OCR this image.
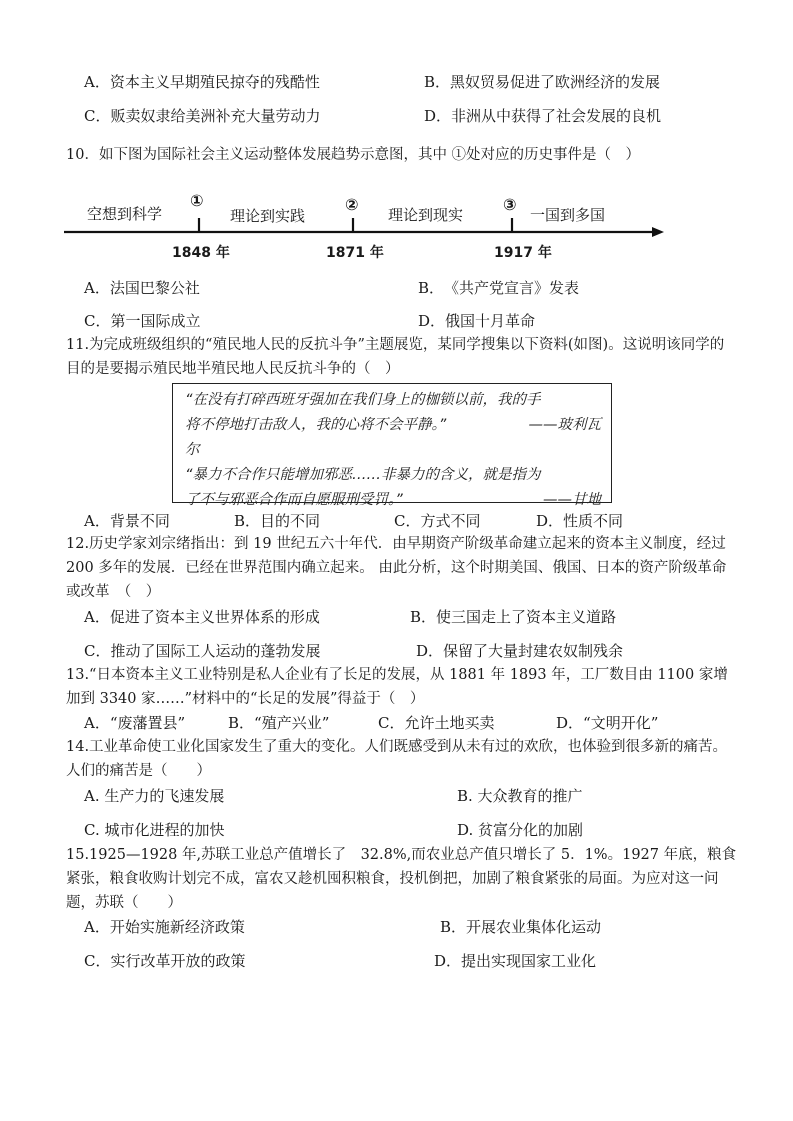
A．资本主义早期殖民掠夺的残酷性	B．黑奴贸易促进了欧洲经济的发展
C．贩卖奴隶给美洲补充大量劳动力	D．非洲从中获得了社会发展的良机
10．如下图为国际社会主义运动整体发展趋势示意图，其中 ①处对应的历史事件是（　）
空想到科学	理论到实践	理论到现实	一国到多国
①	②	③
1848 年	1871 年	1917 年
A．法国巴黎公社	B．　《共产党宣言》发表
C．第一国际成立	D．俄国十月革命
11.为完成班级组织的“殖民地人民的反抗斗争”主题展览，某同学搜集以下资料(如图)。这说明该同学的目的是要揭示殖民地半殖民地人民反抗斗争的（　）

“在没有打碎西班牙强加在我们身上的枷锁以前，我的手

将不停地打击敌人，我的心将不会平静。”	——玻利瓦

尔

“暴力不合作只能增加邪恶……非暴力的含义，就是指为

了不与邪恶合作而自愿服刑受罚。”	——甘地

A．背景不同	B．目的不同	C．方式不同	D．性质不同
12.历史学家刘宗绪指出：到 19 世纪五六十年代．由早期资产阶级革命建立起来的资本主义制度，经过 200 多年的发展．已经在世界范围内确立起来。 由此分析，这个时期美国、俄国、日本的资产阶级革命或改革　（　）
A．促进了资本主义世界体系的形成	B．使三国走上了资本主义道路
C．推动了国际工人运动的蓬勃发展	D．保留了大量封建农奴制残余
13.“日本资本主义工业特别是私人企业有了长足的发展，从 1881 年 1893 年，工厂数目由 1100 家增加到 3340 家……”材料中的“长足的发展”得益于（　）
A．“废藩置县”	B．“殖产兴业”	C．允许土地买卖	D．“文明开化”
14.工业革命使工业化国家发生了重大的变化。人们既感受到从未有过的欢欣，也体验到很多新的痛苦。人们的痛苦是（　　）
A. 生产力的飞速发展	B. 大众教育的推广
C. 城市化进程的加快	D. 贫富分化的加剧
15.1925—1928 年,苏联工业总产值增长了　32.8%,而农业总产值只增长了 5．1%。1927 年底，粮食紧张，粮食收购计划完不成，富农又趁机囤积粮食，投机倒把，加剧了粮食紧张的局面。为应对这一问题，苏联（　　）
A．开始实施新经济政策	B．开展农业集体化运动
C．实行改革开放的政策	D．提出实现国家工业化
